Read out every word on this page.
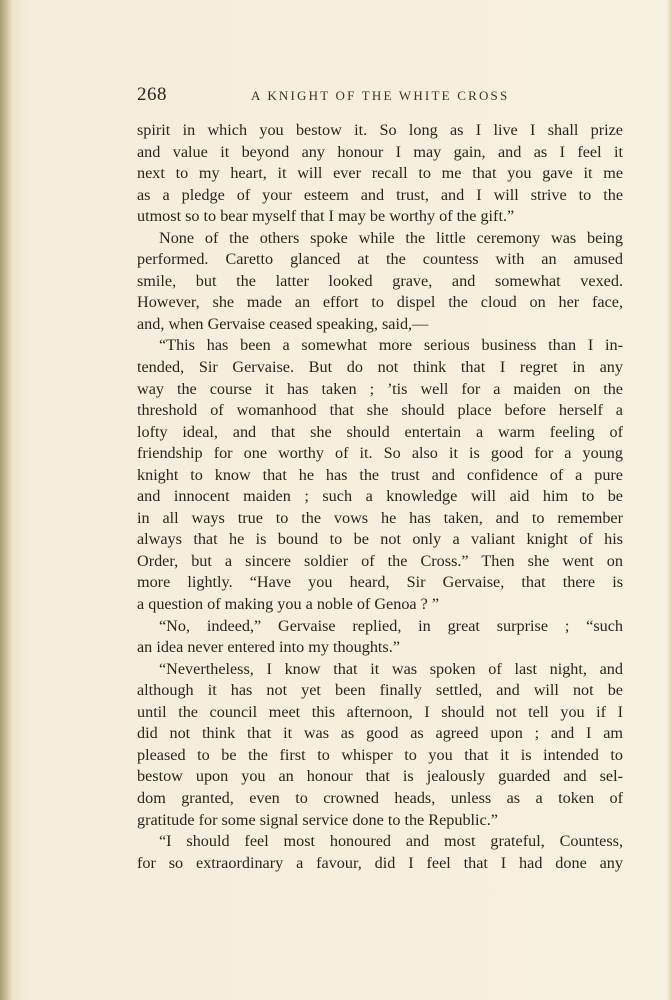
268	A KNIGHT OF THE WHITE CROSS
spirit in which you bestow it. So long as I live I shall prize
and value it beyond any honour I may gain, and as I feel it
next to my heart, it will ever recall to me that you gave it me
as a pledge of your esteem and trust, and I will strive to the
utmost so to bear myself that I may be worthy of the gift.”
None of the others spoke while the little ceremony was being
performed. Caretto glanced at the countess with an amused
smile, but the latter looked grave, and somewhat vexed.
However, she made an effort to dispel the cloud on her face,
and, when Gervaise ceased speaking, said,—
“This has been a somewhat more serious business than I in-
tended, Sir Gervaise. But do not think that I regret in any
way the course it has taken ; ’tis well for a maiden on the
threshold of womanhood that she should place before herself a
lofty ideal, and that she should entertain a warm feeling of
friendship for one worthy of it. So also it is good for a young
knight to know that he has the trust and confidence of a pure
and innocent maiden ; such a knowledge will aid him to be
in all ways true to the vows he has taken, and to remember
always that he is bound to be not only a valiant knight of his
Order, but a sincere soldier of the Cross.” Then she went on
more lightly. “Have you heard, Sir Gervaise, that there is
a question of making you a noble of Genoa ? ”
“No, indeed,” Gervaise replied, in great surprise ; “such
an idea never entered into my thoughts.”
“Nevertheless, I know that it was spoken of last night, and
although it has not yet been finally settled, and will not be
until the council meet this afternoon, I should not tell you if I
did not think that it was as good as agreed upon ; and I am
pleased to be the first to whisper to you that it is intended to
bestow upon you an honour that is jealously guarded and sel-
dom granted, even to crowned heads, unless as a token of
gratitude for some signal service done to the Republic.”
“I should feel most honoured and most grateful, Countess,
for so extraordinary a favour, did I feel that I had done any
